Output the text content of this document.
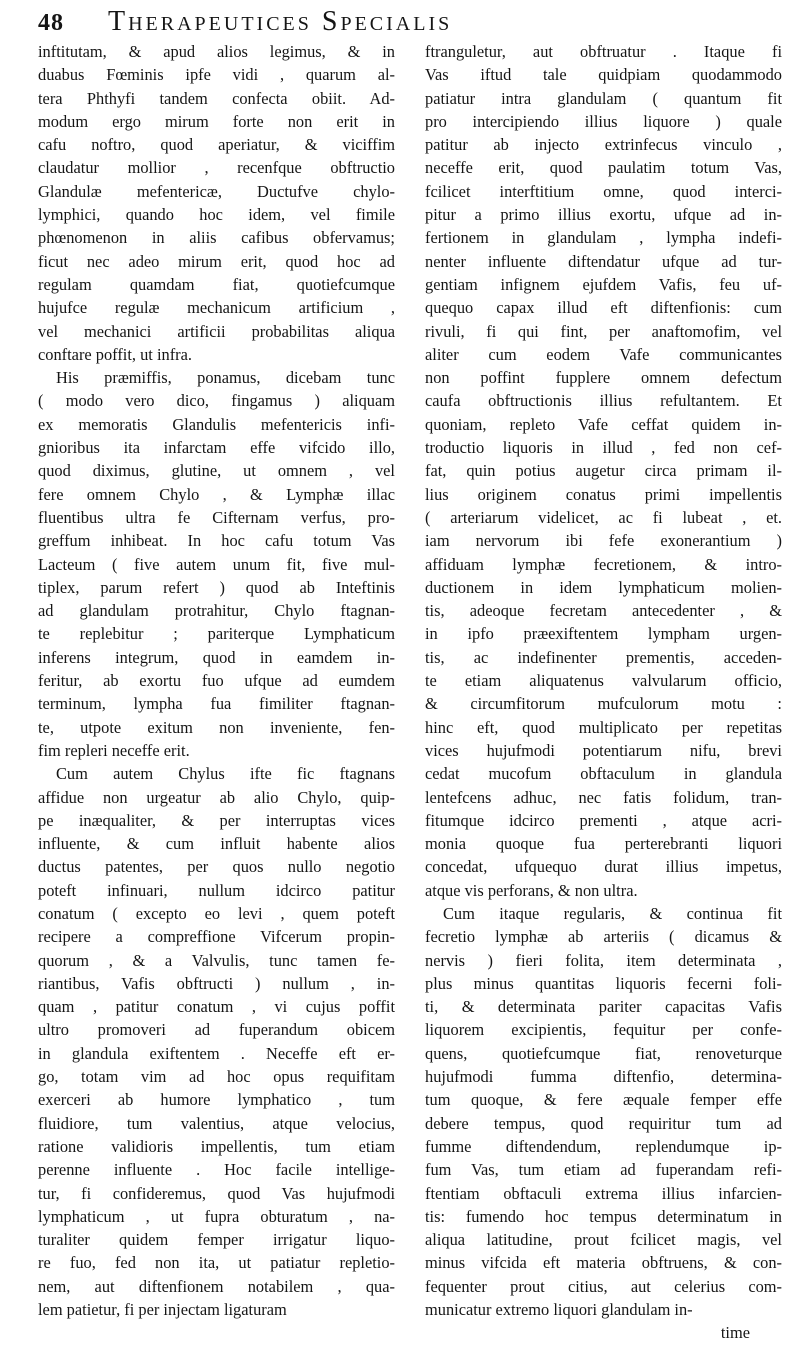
48	Therapeutices Specialis
inftitutam, & apud alios legimus, & in
duabus Fœminis ipfe vidi , quarum al-
tera Phthyfi tandem confecta obiit. Ad-
modum ergo mirum forte non erit in
cafu noftro, quod aperiatur, & viciffim
claudatur mollior , recenfque obftructio
Glandulæ mefentericæ, Ductufve chylo-
lymphici, quando hoc idem, vel fimile
phœnomenon in aliis cafibus obfervamus;
ficut nec adeo mirum erit, quod hoc ad
regulam quamdam fiat, quotiefcumque
hujufce regulæ mechanicum artificium ,
vel mechanici artificii probabilitas aliqua
conftare poffit, ut infra.
His præmiffis, ponamus, dicebam tunc
( modo vero dico, fingamus ) aliquam
ex memoratis Glandulis mefentericis infi-
gnioribus ita infarctam effe vifcido illo,
quod diximus, glutine, ut omnem , vel
fere omnem Chylo , & Lymphæ illac
fluentibus ultra fe Cifternam verfus, pro-
greffum inhibeat. In hoc cafu totum Vas
Lacteum ( five autem unum fit, five mul-
tiplex, parum refert ) quod ab Inteftinis
ad glandulam protrahitur, Chylo ftagnan-
te replebitur ; pariterque Lymphaticum
inferens integrum, quod in eamdem in-
feritur, ab exortu fuo ufque ad eumdem
terminum, lympha fua fimiliter ftagnan-
te, utpote exitum non inveniente, fen-
fim repleri neceffe erit.
Cum autem Chylus ifte fic ftagnans
affidue non urgeatur ab alio Chylo, quip-
pe inæqualiter, & per interruptas vices
influente, & cum influit habente alios
ductus patentes, per quos nullo negotio
poteft infinuari, nullum idcirco patitur
conatum ( excepto eo levi , quem poteft
recipere a compreffione Vifcerum propin-
quorum , & a Valvulis, tunc tamen fe-
riantibus, Vafis obftructi ) nullum , in-
quam , patitur conatum , vi cujus poffit
ultro promoveri ad fuperandum obicem
in glandula exiftentem . Neceffe eft er-
go, totam vim ad hoc opus requifitam
exerceri ab humore lymphatico , tum
fluidiore, tum valentius, atque velocius,
ratione validioris impellentis, tum etiam
perenne influente . Hoc facile intellige-
tur, fi confideremus, quod Vas hujufmodi
lymphaticum , ut fupra obturatum , na-
turaliter quidem femper irrigatur liquo-
re fuo, fed non ita, ut patiatur repletio-
nem, aut diftenfionem notabilem , qua-
lem patietur, fi per injectam ligaturam
ftranguletur, aut obftruatur . Itaque fi
Vas iftud tale quidpiam quodammodo
patiatur intra glandulam ( quantum fit
pro intercipiendo illius liquore ) quale
patitur ab injecto extrinfecus vinculo ,
neceffe erit, quod paulatim totum Vas,
fcilicet interftitium omne, quod interci-
pitur a primo illius exortu, ufque ad in-
fertionem in glandulam , lympha indefi-
nenter influente diftendatur ufque ad tur-
gentiam infignem ejufdem Vafis, feu uf-
quequo capax illud eft diftenfionis: cum
rivuli, fi qui fint, per anaftomofim, vel
aliter cum eodem Vafe communicantes
non poffint fupplere omnem defectum
caufa obftructionis illius refultantem. Et
quoniam, repleto Vafe ceffat quidem in-
troductio liquoris in illud , fed non cef-
fat, quin potius augetur circa primam il-
lius originem conatus primi impellentis
( arteriarum videlicet, ac fi lubeat , et.
iam nervorum ibi fefe exonerantium )
affiduam lymphæ fecretionem, & intro-
ductionem in idem lymphaticum molien-
tis, adeoque fecretam antecedenter , &
in ipfo præexiftentem lympham urgen-
tis, ac indefinenter prementis, acceden-
te etiam aliquatenus valvularum officio,
& circumfitorum mufculorum motu :
hinc eft, quod multiplicato per repetitas
vices hujufmodi potentiarum nifu, brevi
cedat mucofum obftaculum in glandula
lentefcens adhuc, nec fatis folidum, tran-
fitumque idcirco prementi , atque acri-
monia quoque fua perterebranti liquori
concedat, ufquequo durat illius impetus,
atque vis perforans, & non ultra.
Cum itaque regularis, & continua fit
fecretio lymphæ ab arteriis ( dicamus &
nervis ) fieri folita, item determinata ,
plus minus quantitas liquoris fecerni foli-
ti, & determinata pariter capacitas Vafis
liquorem excipientis, fequitur per confe-
quens, quotiefcumque fiat, renoveturque
hujufmodi fumma diftenfio, determina-
tum quoque, & fere æquale femper effe
debere tempus, quod requiritur tum ad
fumme diftendendum, replendumque ip-
fum Vas, tum etiam ad fuperandam refi-
ftentiam obftaculi extrema illius infarcien-
tis: fumendo hoc tempus determinatum in
aliqua latitudine, prout fcilicet magis, vel
minus vifcida eft materia obftruens, & con-
fequenter prout citius, aut celerius com-
municatur extremo liquori glandulam in-
time
